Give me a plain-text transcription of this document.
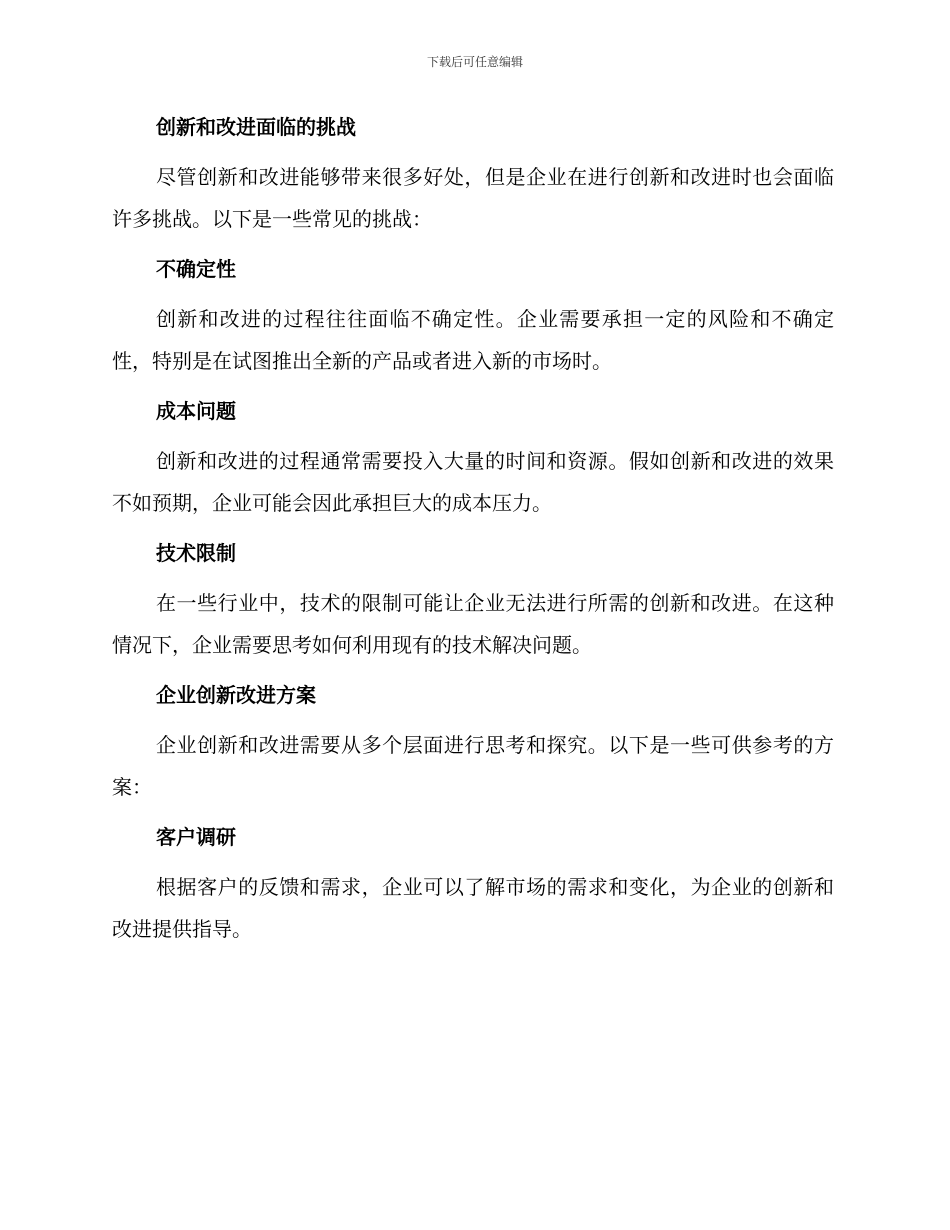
下载后可任意编辑
创新和改进面临的挑战
尽管创新和改进能够带来很多好处，但是企业在进行创新和改进时也会面临许多挑战。以下是一些常见的挑战：
不确定性
创新和改进的过程往往面临不确定性。企业需要承担一定的风险和不确定性，特别是在试图推出全新的产品或者进入新的市场时。
成本问题
创新和改进的过程通常需要投入大量的时间和资源。假如创新和改进的效果不如预期，企业可能会因此承担巨大的成本压力。
技术限制
在一些行业中，技术的限制可能让企业无法进行所需的创新和改进。在这种情况下，企业需要思考如何利用现有的技术解决问题。
企业创新改进方案
企业创新和改进需要从多个层面进行思考和探究。以下是一些可供参考的方案：
客户调研
根据客户的反馈和需求，企业可以了解市场的需求和变化，为企业的创新和改进提供指导。
